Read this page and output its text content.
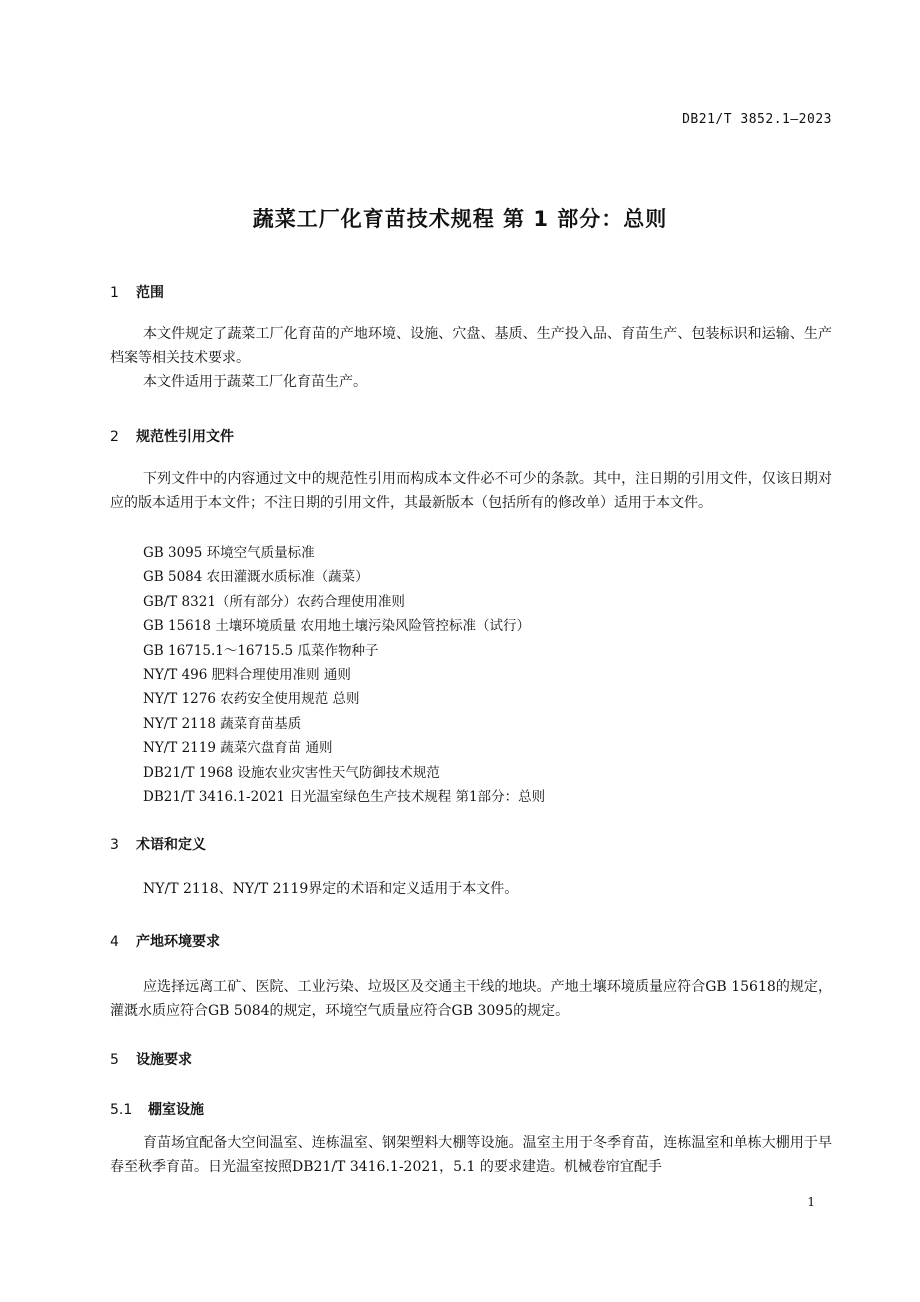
DB21/T 3852.1—2023
蔬菜工厂化育苗技术规程 第 1 部分：总则
1 范围

本文件规定了蔬菜工厂化育苗的产地环境、设施、穴盘、基质、生产投入品、育苗生产、包装标识和运输、生产档案等相关技术要求。

本文件适用于蔬菜工厂化育苗生产。

2 规范性引用文件

下列文件中的内容通过文中的规范性引用而构成本文件必不可少的条款。其中，注日期的引用文件，仅该日期对应的版本适用于本文件；不注日期的引用文件，其最新版本（包括所有的修改单）适用于本文件。

GB 3095 环境空气质量标准
GB 5084 农田灌溉水质标准（蔬菜）
GB/T 8321（所有部分）农药合理使用准则
GB 15618 土壤环境质量 农用地土壤污染风险管控标准（试行）
GB 16715.1～16715.5 瓜菜作物种子
NY/T 496 肥料合理使用准则 通则
NY/T 1276 农药安全使用规范 总则
NY/T 2118 蔬菜育苗基质
NY/T 2119 蔬菜穴盘育苗 通则
DB21/T 1968 设施农业灾害性天气防御技术规范
DB21/T 3416.1-2021 日光温室绿色生产技术规程 第1部分：总则
3 术语和定义

NY/T 2118、NY/T 2119界定的术语和定义适用于本文件。

4 产地环境要求

应选择远离工矿、医院、工业污染、垃圾区及交通主干线的地块。产地土壤环境质量应符合GB 15618的规定，灌溉水质应符合GB 5084的规定，环境空气质量应符合GB 3095的规定。

5 设施要求
5.1 棚室设施

育苗场宜配备大空间温室、连栋温室、钢架塑料大棚等设施。温室主用于冬季育苗，连栋温室和单栋大棚用于早春至秋季育苗。日光温室按照DB21/T 3416.1-2021，5.1 的要求建造。机械卷帘宜配手

1
